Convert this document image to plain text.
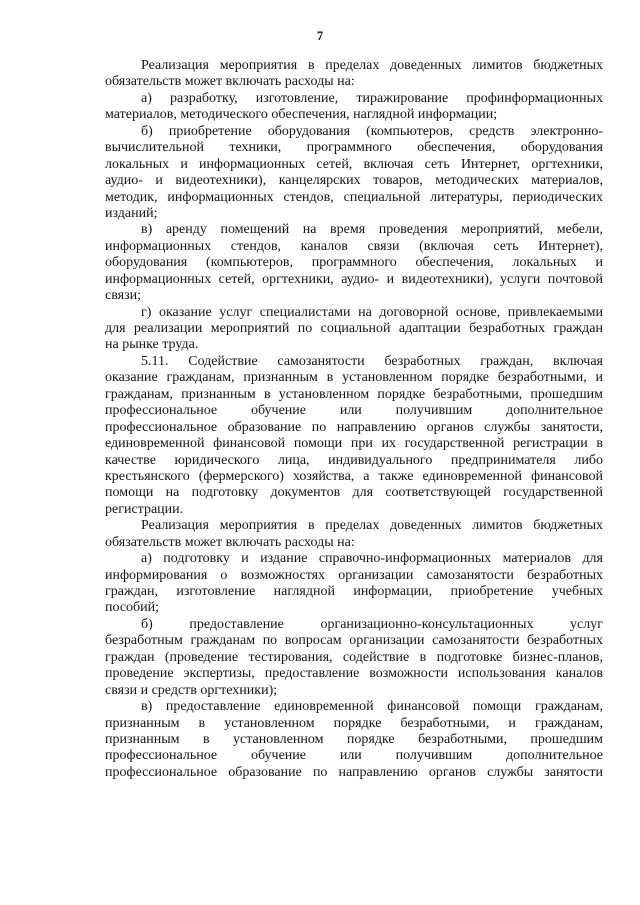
7
Реализация мероприятия в пределах доведенных лимитов бюджетных
обязательств может включать расходы на:
а) разработку, изготовление, тиражирование профинформационных
материалов, методического обеспечения, наглядной информации;
б) приобретение оборудования (компьютеров, средств электронно-
вычислительной техники, программного обеспечения, оборудования
локальных и информационных сетей, включая сеть Интернет, оргтехники,
аудио- и видеотехники), канцелярских товаров, методических материалов,
методик, информационных стендов, специальной литературы, периодических
изданий;
в) аренду помещений на время проведения мероприятий, мебели,
информационных стендов, каналов связи (включая сеть Интернет),
оборудования (компьютеров, программного обеспечения, локальных и
информационных сетей, оргтехники, аудио- и видеотехники), услуги почтовой
связи;
г) оказание услуг специалистами на договорной основе, привлекаемыми
для реализации мероприятий по социальной адаптации безработных граждан
на рынке труда.
5.11. Содействие самозанятости безработных граждан, включая
оказание гражданам, признанным в установленном порядке безработными, и
гражданам, признанным в установленном порядке безработными, прошедшим
профессиональное обучение или получившим дополнительное
профессиональное образование по направлению органов службы занятости,
единовременной финансовой помощи при их государственной регистрации в
качестве юридического лица, индивидуального предпринимателя либо
крестьянского (фермерского) хозяйства, а также единовременной финансовой
помощи на подготовку документов для соответствующей государственной
регистрации.
Реализация мероприятия в пределах доведенных лимитов бюджетных
обязательств может включать расходы на:
а) подготовку и издание справочно-информационных материалов для
информирования о возможностях организации самозанятости безработных
граждан, изготовление наглядной информации, приобретение учебных
пособий;
б) предоставление организационно-консультационных услуг
безработным гражданам по вопросам организации самозанятости безработных
граждан (проведение тестирования, содействие в подготовке бизнес-планов,
проведение экспертизы, предоставление возможности использования каналов
связи и средств оргтехники);
в) предоставление единовременной финансовой помощи гражданам,
признанным в установленном порядке безработными, и гражданам,
признанным в установленном порядке безработными, прошедшим
профессиональное обучение или получившим дополнительное
профессиональное образование по направлению органов службы занятости
